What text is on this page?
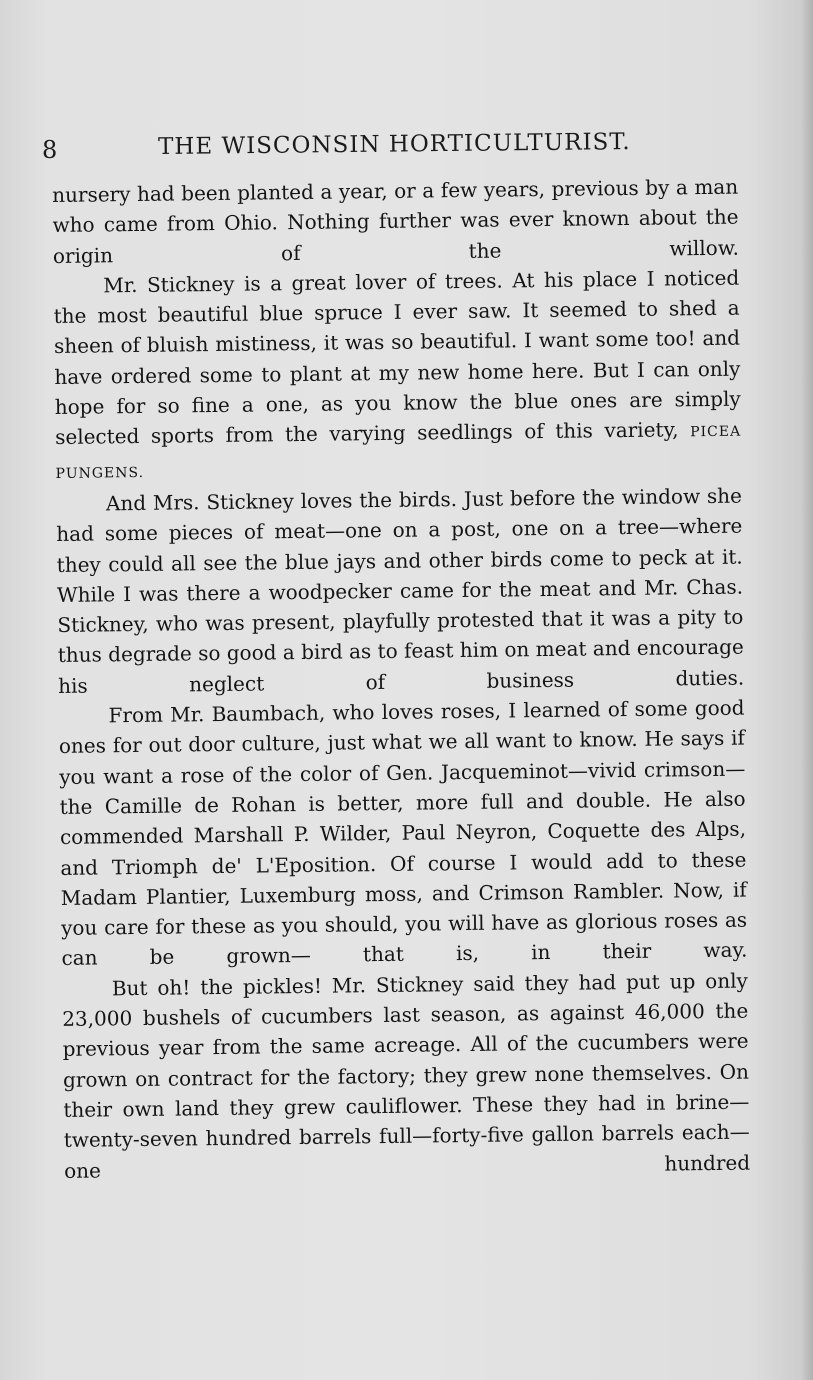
8	THE WISCONSIN HORTICULTURIST.

nursery had been planted a year, or a few years, previous by a man who came from Ohio. Nothing further was ever known about the origin of the willow.

Mr. Stickney is a great lover of trees. At his place I noticed the most beautiful blue spruce I ever saw. It seemed to shed a sheen of bluish mistiness, it was so beautiful. I want some too! and have ordered some to plant at my new home here. But I can only hope for so fine a one, as you know the blue ones are simply selected sports from the varying seedlings of this variety, PICEA PUNGENS.

And Mrs. Stickney loves the birds. Just before the window she had some pieces of meat—one on a post, one on a tree—where they could all see the blue jays and other birds come to peck at it. While I was there a woodpecker came for the meat and Mr. Chas. Stickney, who was present, playfully protested that it was a pity to thus degrade so good a bird as to feast him on meat and encourage his neglect of business duties.

From Mr. Baumbach, who loves roses, I learned of some good ones for out door culture, just what we all want to know. He says if you want a rose of the color of Gen. Jacqueminot—vivid crimson—the Camille de Rohan is better, more full and double. He also commended Marshall P. Wilder, Paul Neyron, Coquette des Alps, and Triomph de' L'Eposition. Of course I would add to these Madam Plantier, Luxemburg moss, and Crimson Rambler. Now, if you care for these as you should, you will have as glorious roses as can be grown— that is, in their way.

But oh! the pickles! Mr. Stickney said they had put up only 23,000 bushels of cucumbers last season, as against 46,000 the previous year from the same acreage. All of the cucumbers were grown on contract for the factory; they grew none themselves. On their own land they grew cauliflower. These they had in brine—twenty-seven hundred barrels full—forty-five gallon barrels each—one hundred
